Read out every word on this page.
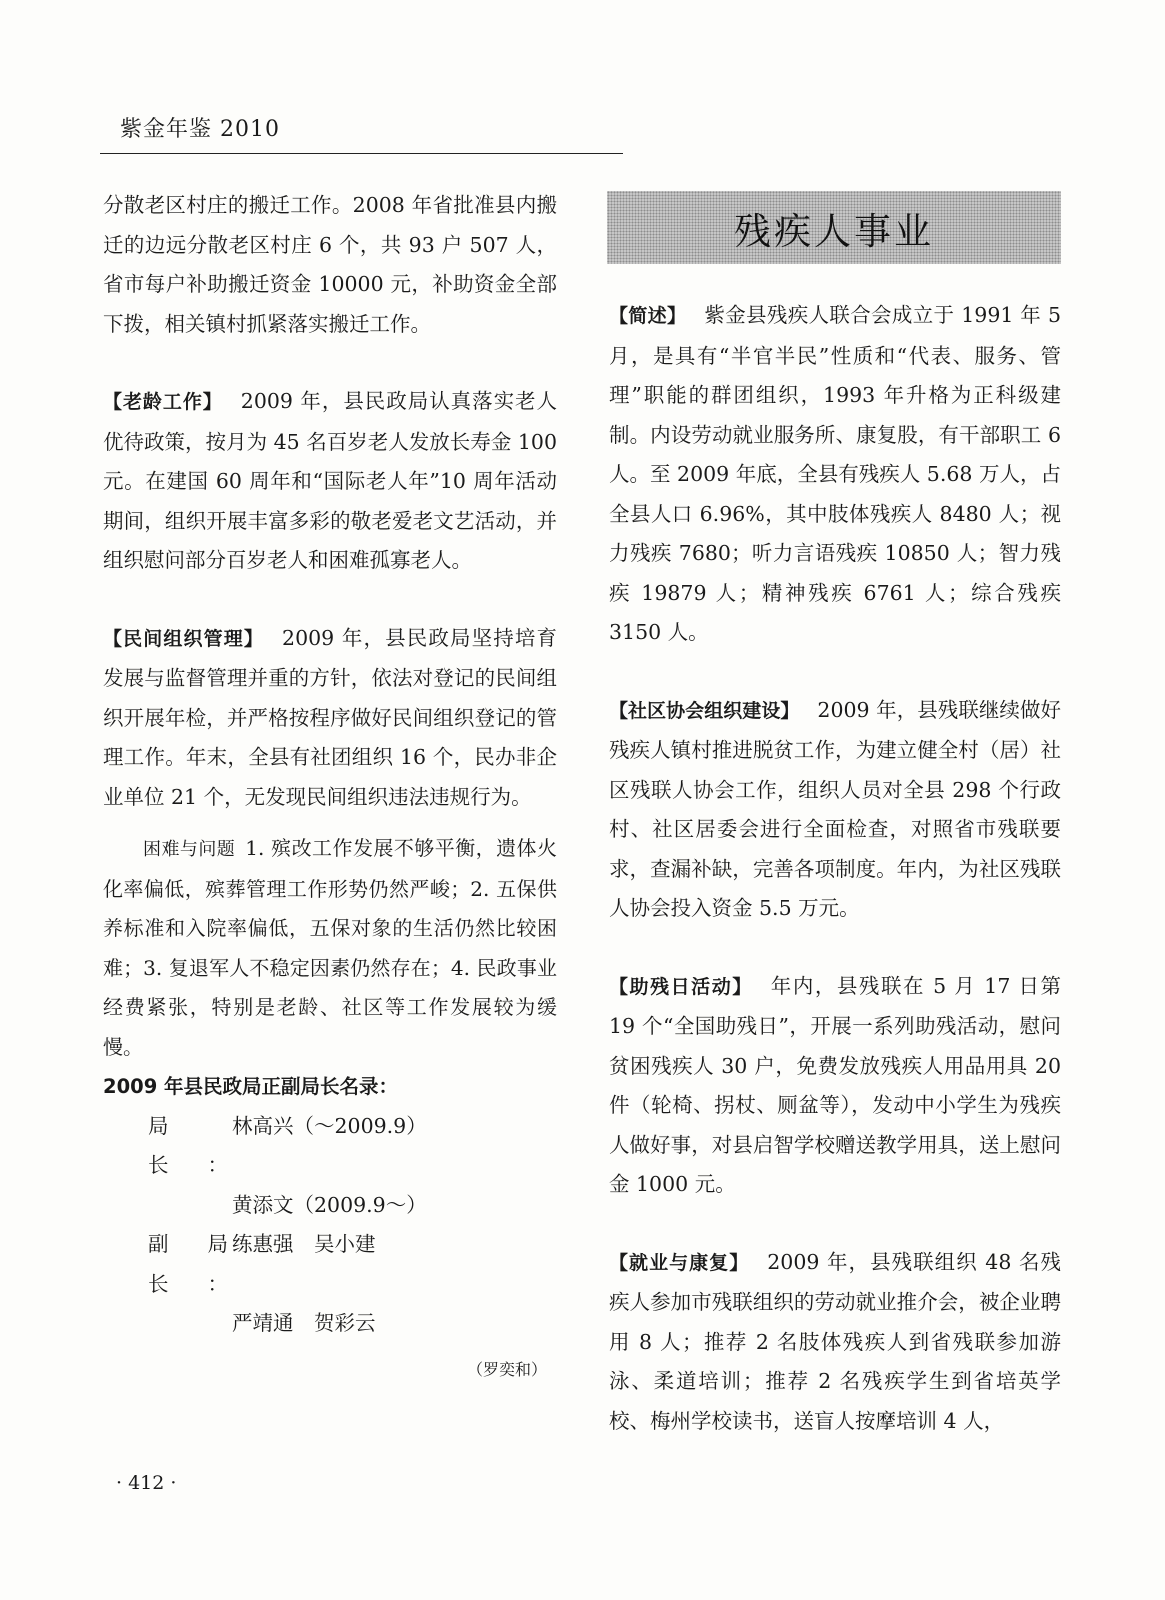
紫金年鉴 2010

分散老区村庄的搬迁工作。2008 年省批准县内搬迁的边远分散老区村庄 6 个，共 93 户 507 人，省市每户补助搬迁资金 10000 元，补助资金全部下拨，相关镇村抓紧落实搬迁工作。

【老龄工作】 2009 年，县民政局认真落实老人优待政策，按月为 45 名百岁老人发放长寿金 100 元。在建国 60 周年和“国际老人年”10 周年活动期间，组织开展丰富多彩的敬老爱老文艺活动，并组织慰问部分百岁老人和困难孤寡老人。

【民间组织管理】 2009 年，县民政局坚持培育发展与监督管理并重的方针，依法对登记的民间组织开展年检，并严格按程序做好民间组织登记的管理工作。年末，全县有社团组织 16 个，民办非企业单位 21 个，无发现民间组织违法违规行为。

困难与问题 1. 殡改工作发展不够平衡，遗体火化率偏低，殡葬管理工作形势仍然严峻；2. 五保供养标准和入院率偏低，五保对象的生活仍然比较困难；3. 复退军人不稳定因素仍然存在；4. 民政事业经费紧张，特别是老龄、社区等工作发展较为缓慢。

2009 年县民政局正副局长名录：

局　长：
林高兴（～2009.9）
黄添文（2009.9～）
副局长：
练惠强　吴小建
严靖通　贺彩云
（罗奕和）
残疾人事业

【简述】 紫金县残疾人联合会成立于 1991 年 5 月，是具有“半官半民”性质和“代表、服务、管理”职能的群团组织，1993 年升格为正科级建制。内设劳动就业服务所、康复股，有干部职工 6 人。至 2009 年底，全县有残疾人 5.68 万人，占全县人口 6.96%，其中肢体残疾人 8480 人；视力残疾 7680；听力言语残疾 10850 人；智力残疾 19879 人；精神残疾 6761 人；综合残疾 3150 人。

【社区协会组织建设】 2009 年，县残联继续做好残疾人镇村推进脱贫工作，为建立健全村（居）社区残联人协会工作，组织人员对全县 298 个行政村、社区居委会进行全面检查，对照省市残联要求，查漏补缺，完善各项制度。年内，为社区残联人协会投入资金 5.5 万元。

【助残日活动】 年内，县残联在 5 月 17 日第 19 个“全国助残日”，开展一系列助残活动，慰问贫困残疾人 30 户，免费发放残疾人用品用具 20 件（轮椅、拐杖、厕盆等），发动中小学生为残疾人做好事，对县启智学校赠送教学用具，送上慰问金 1000 元。

【就业与康复】 2009 年，县残联组织 48 名残疾人参加市残联组织的劳动就业推介会，被企业聘用 8 人；推荐 2 名肢体残疾人到省残联参加游泳、柔道培训；推荐 2 名残疾学生到省培英学校、梅州学校读书，送盲人按摩培训 4 人，

· 412 ·
